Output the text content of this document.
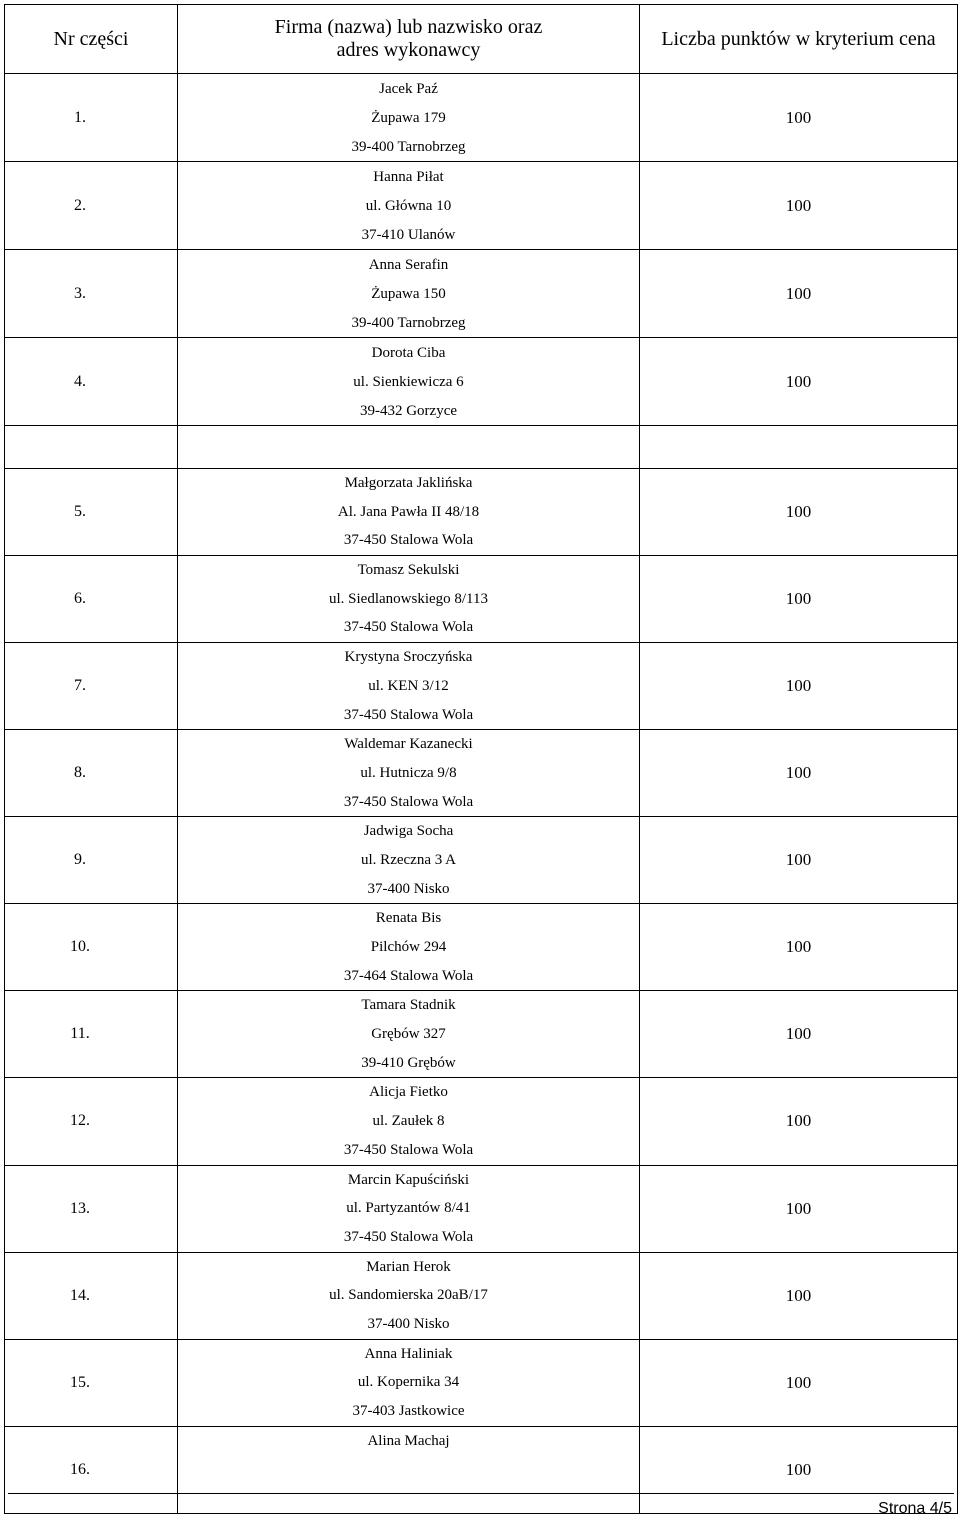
Nr części	Firma (nazwa) lub nazwisko oraz
adres wykonawcy	Liczba punktów w kryterium cena
1.	Jacek Paź
Żupawa 179
39-400 Tarnobrzeg	100
2.	Hanna Piłat
ul. Główna 10
37-410 Ulanów	100
3.	Anna Serafin
Żupawa 150
39-400 Tarnobrzeg	100
4.	Dorota Ciba
ul. Sienkiewicza 6
39-432 Gorzyce	100

5.	Małgorzata Jaklińska
Al. Jana Pawła II 48/18
37-450 Stalowa Wola	100
6.	Tomasz Sekulski
ul. Siedlanowskiego 8/113
37-450 Stalowa Wola	100
7.	Krystyna Sroczyńska
ul. KEN 3/12
37-450 Stalowa Wola	100
8.	Waldemar Kazanecki
ul. Hutnicza 9/8
37-450 Stalowa Wola	100
9.	Jadwiga Socha
ul. Rzeczna 3 A
37-400 Nisko	100
10.	Renata Bis
Pilchów 294
37-464 Stalowa Wola	100
11.	Tamara Stadnik
Grębów 327
39-410 Grębów	100
12.	Alicja Fietko
ul. Zaułek 8
37-450 Stalowa Wola	100
13.	Marcin Kapuściński
ul. Partyzantów 8/41
37-450 Stalowa Wola	100
14.	Marian Herok
ul. Sandomierska 20aB/17
37-400 Nisko	100
15.	Anna Haliniak
ul. Kopernika 34
37-403 Jastkowice	100
16.	Alina Machaj	100
Strona 4/5
